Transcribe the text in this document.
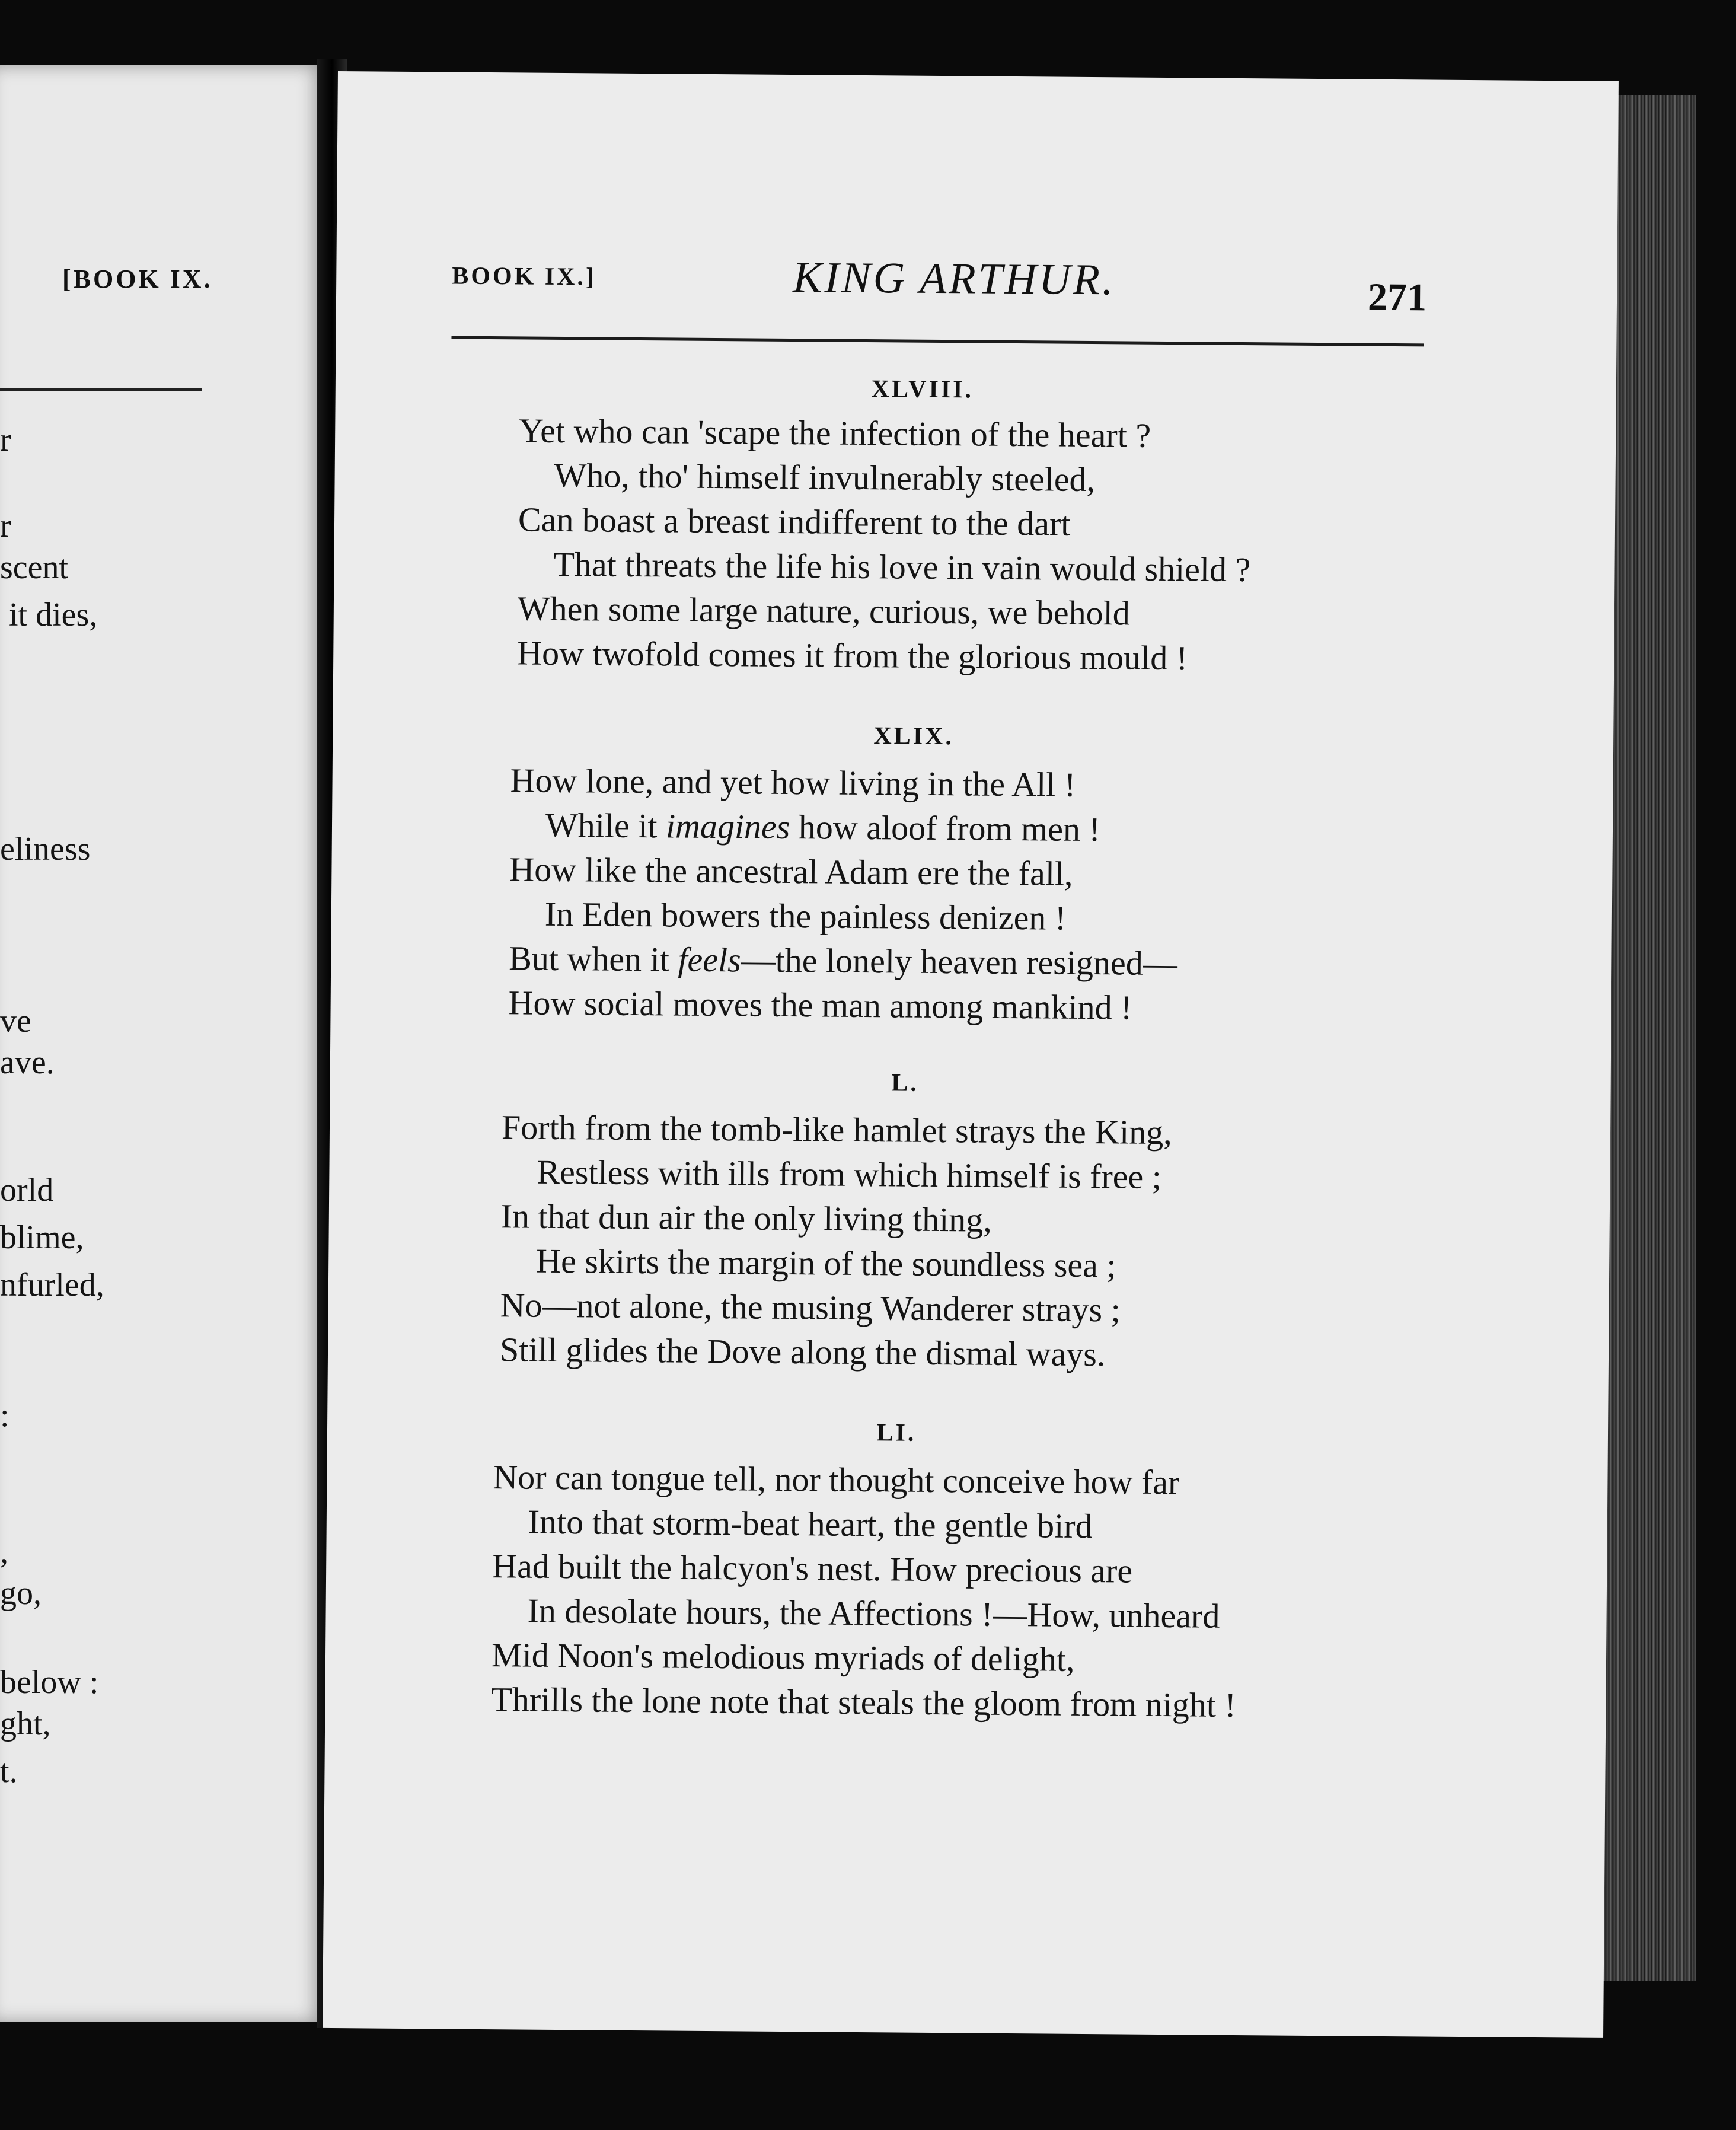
[BOOK IX.
r
r
scent
it dies,
eliness
ve
ave.
orld
blime,
nfurled,
:
,
go,
below :
ght,
t.
BOOK IX.]	KING ARTHUR.	271
XLVIII.
Yet who can 'scape the infection of the heart ?
Who, tho' himself invulnerably steeled,
Can boast a breast indifferent to the dart
That threats the life his love in vain would shield ?
When some large nature, curious, we behold
How twofold comes it from the glorious mould !
XLIX.
How lone, and yet how living in the All !
While it imagines how aloof from men !
How like the ancestral Adam ere the fall,
In Eden bowers the painless denizen !
But when it feels—the lonely heaven resigned—
How social moves the man among mankind !
L.
Forth from the tomb-like hamlet strays the King,
Restless with ills from which himself is free ;
In that dun air the only living thing,
He skirts the margin of the soundless sea ;
No—not alone, the musing Wanderer strays ;
Still glides the Dove along the dismal ways.
LI.
Nor can tongue tell, nor thought conceive how far
Into that storm-beat heart, the gentle bird
Had built the halcyon's nest. How precious are
In desolate hours, the Affections !—How, unheard
Mid Noon's melodious myriads of delight,
Thrills the lone note that steals the gloom from night !
